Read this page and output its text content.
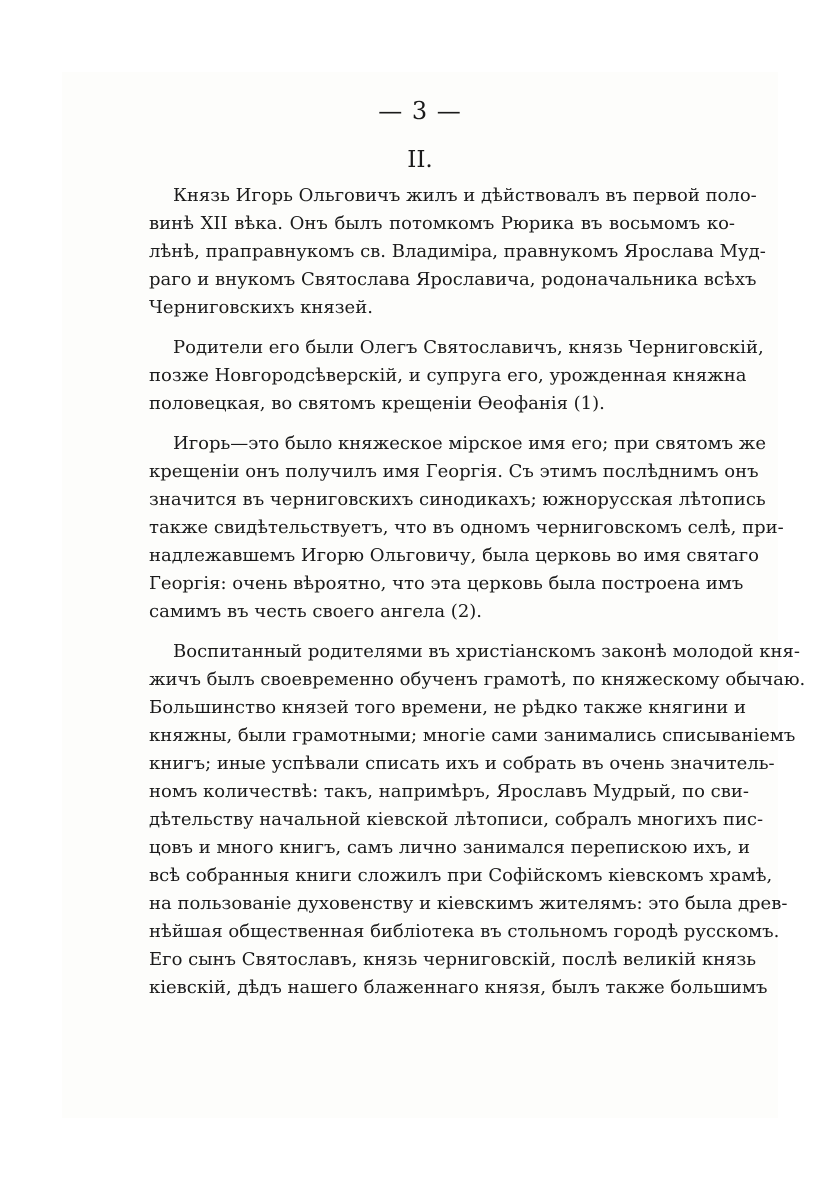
— 3 —
II.
Князь Игорь Ольговичъ жилъ и дѣйствовалъ въ первой поло-
винѣ XII вѣка. Онъ былъ потомкомъ Рюрика въ восьмомъ ко-
лѣнѣ, праправнукомъ св. Владиміра, правнукомъ Ярослава Муд-
раго и внукомъ Святослава Ярославича, родоначальника всѣхъ
Черниговскихъ князей.
Родители его были Олегъ Святославичъ, князь Черниговскій,
позже Новгородсѣверскій, и супруга его, урожденная княжна
половецкая, во святомъ крещеніи Ѳеофанія (1).
Игорь—это было княжеское мірское имя его; при святомъ же
крещеніи онъ получилъ имя Георгія. Съ этимъ послѣднимъ онъ
значится въ черниговскихъ синодикахъ; южнорусская лѣтопись
также свидѣтельствуетъ, что въ одномъ черниговскомъ селѣ, при-
надлежавшемъ Игорю Ольговичу, была церковь во имя святаго
Георгія: очень вѣроятно, что эта церковь была построена имъ
самимъ въ честь своего ангела (2).
Воспитанный родителями въ христіанскомъ законѣ молодой кня-
жичъ былъ своевременно обученъ грамотѣ, по княжескому обычаю.
Большинство князей того времени, не рѣдко также княгини и
княжны, были грамотными; многіе сами занимались списываніемъ
книгъ; иные успѣвали списать ихъ и собрать въ очень значитель-
номъ количествѣ: такъ, напримѣръ, Ярославъ Мудрый, по сви-
дѣтельству начальной кіевской лѣтописи, собралъ многихъ пис-
цовъ и много книгъ, самъ лично занимался перепискою ихъ, и
всѣ собранныя книги сложилъ при Софійскомъ кіевскомъ храмѣ,
на пользованіе духовенству и кіевскимъ жителямъ: это была древ-
нѣйшая общественная библіотека въ стольномъ городѣ русскомъ.
Его сынъ Святославъ, князь черниговскій, послѣ великій князь
кіевскій, дѣдъ нашего блаженнаго князя, былъ также большимъ
